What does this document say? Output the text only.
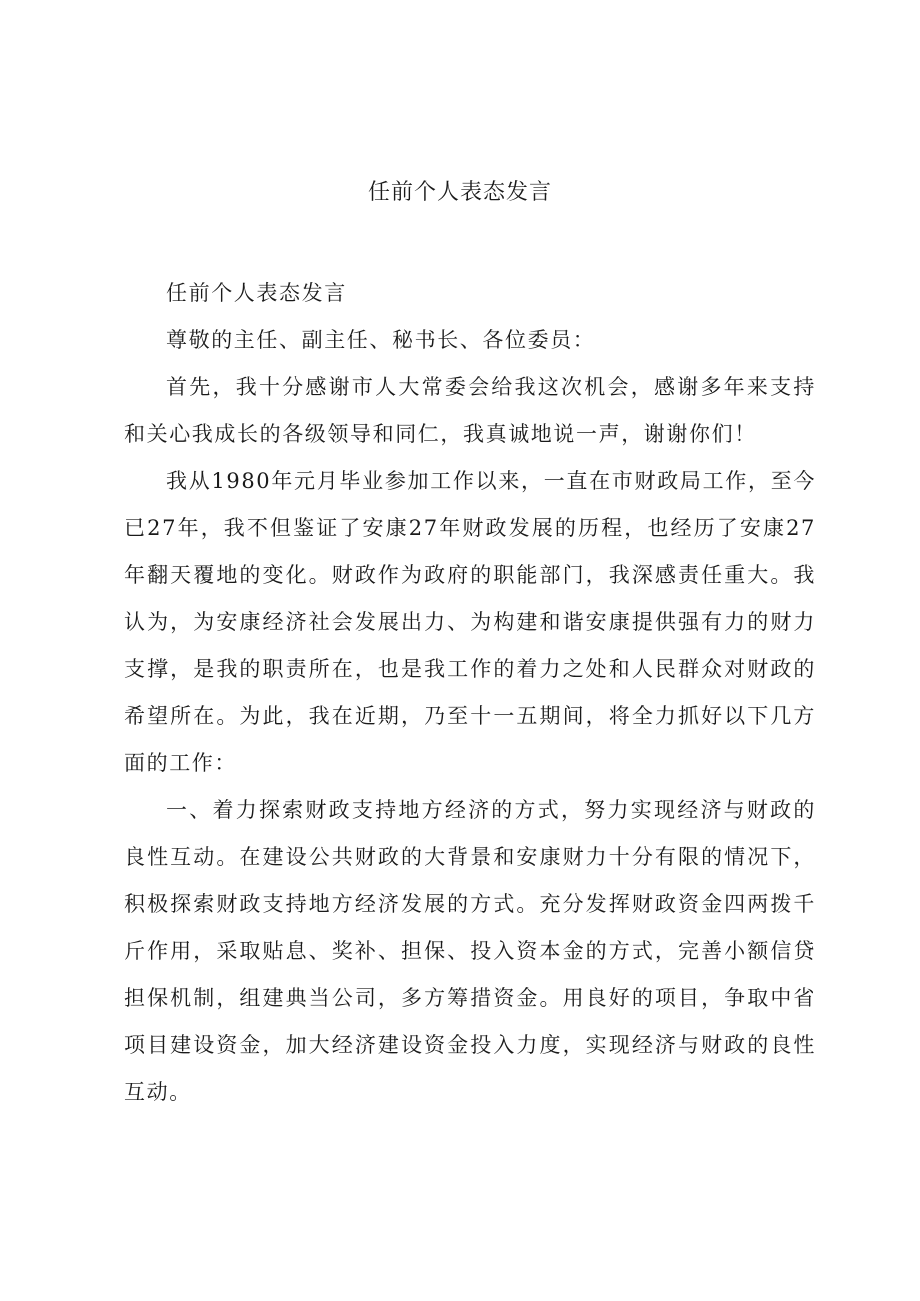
任前个人表态发言

任前个人表态发言

尊敬的主任、副主任、秘书长、各位委员：

首先，我十分感谢市人大常委会给我这次机会，感谢多年来支持和关心我成长的各级领导和同仁，我真诚地说一声，谢谢你们！

我从1980年元月毕业参加工作以来，一直在市财政局工作，至今已27年，我不但鉴证了安康27年财政发展的历程，也经历了安康27年翻天覆地的变化。财政作为政府的职能部门，我深感责任重大。我认为，为安康经济社会发展出力、为构建和谐安康提供强有力的财力支撑，是我的职责所在，也是我工作的着力之处和人民群众对财政的希望所在。为此，我在近期，乃至十一五期间，将全力抓好以下几方面的工作：

一、着力探索财政支持地方经济的方式，努力实现经济与财政的良性互动。在建设公共财政的大背景和安康财力十分有限的情况下，积极探索财政支持地方经济发展的方式。充分发挥财政资金四两拨千斤作用，采取贴息、奖补、担保、投入资本金的方式，完善小额信贷担保机制，组建典当公司，多方筹措资金。用良好的项目，争取中省项目建设资金，加大经济建设资金投入力度，实现经济与财政的良性互动。
